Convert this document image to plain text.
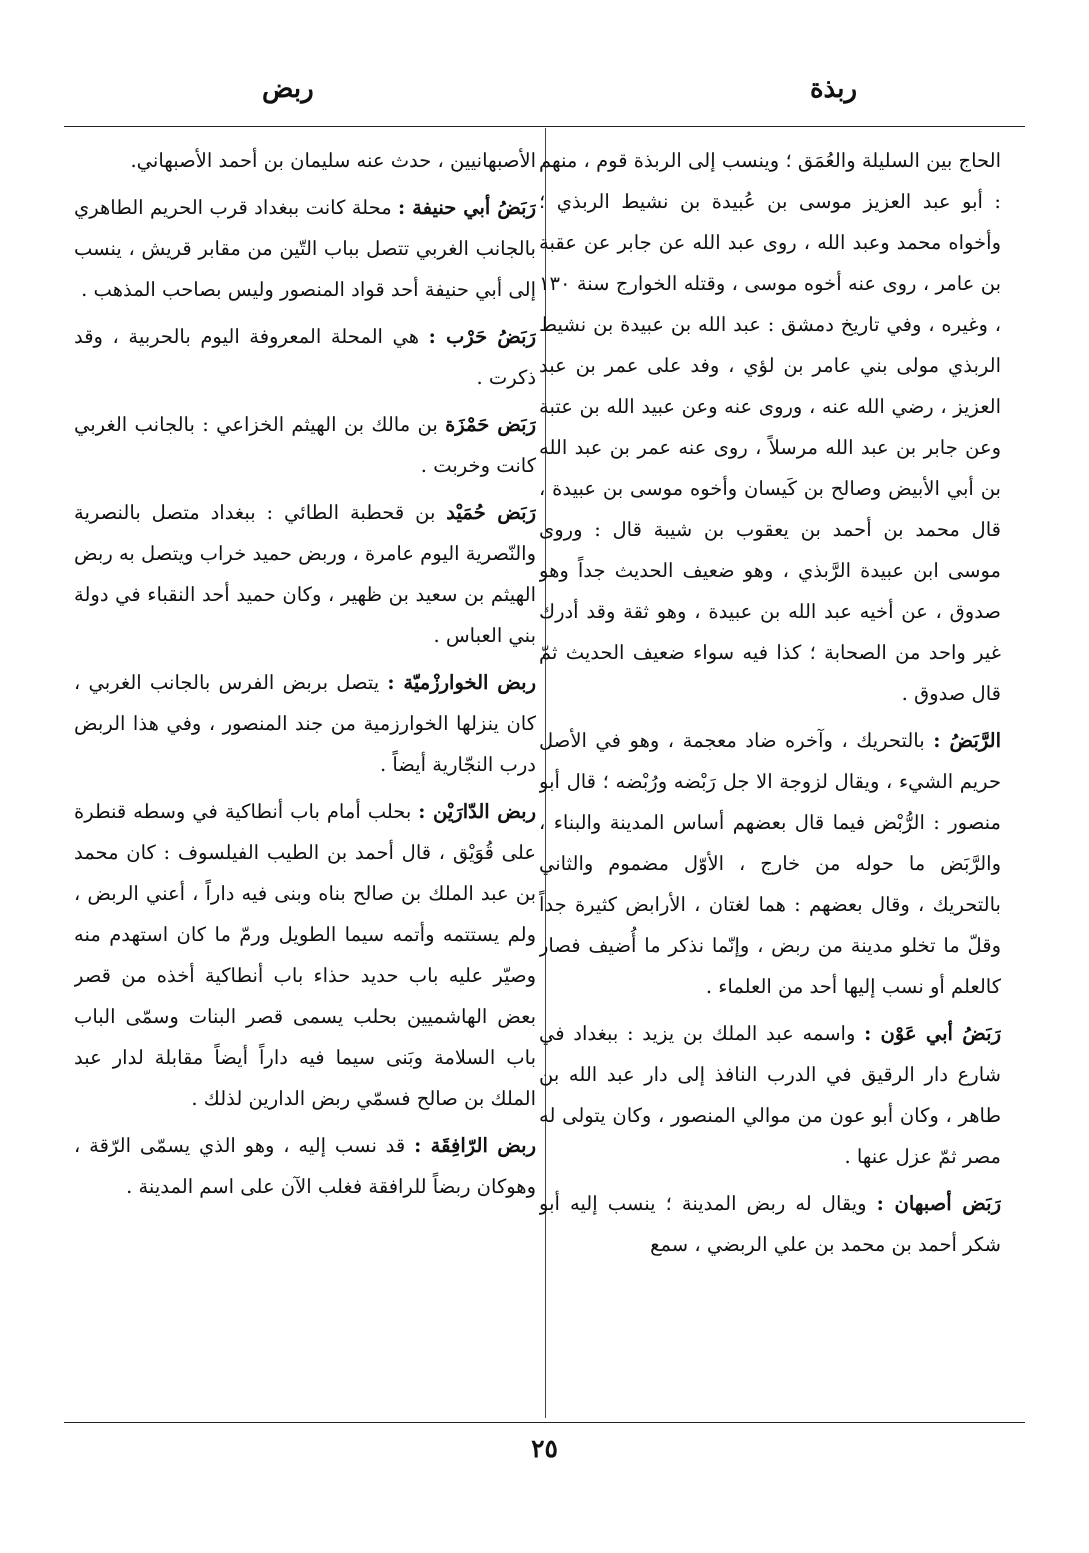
ربذة
ربض

الحاج بين السليلة والعُمَق ؛ وينسب إلى الربذة قوم ، منهم : أبو عبد العزيز موسى بن عُبيدة بن نشيط الربذي ؛ وأخواه محمد وعبد الله ، روى عبد الله عن جابر عن عقبة بن عامر ، روى عنه أخوه موسى ، وقتله الخوارج سنة ١٣٠ ، وغيره ، وفي تاريخ دمشق : عبد الله بن عبيدة بن نشيط الربذي مولى بني عامر بن لؤي ، وفد على عمر بن عبد العزيز ، رضي الله عنه ، وروى عنه وعن عبيد الله بن عتبة وعن جابر بن عبد الله مرسلاً ، روى عنه عمر بن عبد الله بن أبي الأبيض وصالح بن كَيسان وأخوه موسى بن عبيدة ، قال محمد بن أحمد بن يعقوب بن شيبة قال : وروى موسى ابن عبيدة الرَّبذي ، وهو ضعيف الحديث جداً وهو صدوق ، عن أخيه عبد الله بن عبيدة ، وهو ثقة وقد أدرك غير واحد من الصحابة ؛ كذا فيه سواء ضعيف الحديث ثمّ قال صدوق .

الرَّبَضُ : بالتحريك ، وآخره ضاد معجمة ، وهو في الأصل حريم الشيء ، ويقال لزوجة الا جل رَبْضه ورُبْضه ؛ قال أبو منصور : الرُّبْض فيما قال بعضهم أساس المدينة والبناء ، والرَّبَض ما حوله من خارج ، الأوّل مضموم والثاني بالتحريك ، وقال بعضهم : هما لغتان ، الأرابض كثيرة جداً وقلّ ما تخلو مدينة من ربض ، وإنّما نذكر ما أُضيف فصار كالعلم أو نسب إليها أحد من العلماء .

رَبَضُ أبي عَوْن : واسمه عبد الملك بن يزيد : ببغداد في شارع دار الرقيق في الدرب النافذ إلى دار عبد الله بن طاهر ، وكان أبو عون من موالي المنصور ، وكان يتولى له مصر ثمّ عزل عنها .

رَبَض أصبهان : ويقال له ربض المدينة ؛ ينسب إليه أبو شكر أحمد بن محمد بن علي الربضي ، سمع

الأصبهانيين ، حدث عنه سليمان بن أحمد الأصبهاني.

رَبَضُ أبي حنيفة : محلة كانت ببغداد قرب الحريم الطاهري بالجانب الغربي تتصل بباب التّين من مقابر قريش ، ينسب إلى أبي حنيفة أحد قواد المنصور وليس بصاحب المذهب .

رَبَضُ حَرْب : هي المحلة المعروفة اليوم بالحربية ، وقد ذكرت .

رَبَض حَمْزَة بن مالك بن الهيثم الخزاعي : بالجانب الغربي كانت وخربت .

رَبَض حُمَيْد بن قحطبة الطائي : ببغداد متصل بالنصرية والنّصرية اليوم عامرة ، وربض حميد خراب ويتصل به ربض الهيثم بن سعيد بن ظهير ، وكان حميد أحد النقباء في دولة بني العباس .

ربض الخوارزْميّة : يتصل بربض الفرس بالجانب الغربي ، كان ينزلها الخوارزمية من جند المنصور ، وفي هذا الربض درب النجّارية أيضاً .

ربض الدّارَيْن : بحلب أمام باب أنطاكية في وسطه قنطرة على قُوَيْق ، قال أحمد بن الطيب الفيلسوف : كان محمد بن عبد الملك بن صالح بناه وبنى فيه داراً ، أعني الربض ، ولم يستتمه وأتمه سيما الطويل ورمّ ما كان استهدم منه وصيّر عليه باب حديد حذاء باب أنطاكية أخذه من قصر بعض الهاشميين بحلب يسمى قصر البنات وسمّى الباب باب السلامة وبَنى سيما فيه داراً أيضاً مقابلة لدار عبد الملك بن صالح فسمّي ربض الدارين لذلك .

ربض الرّافِقَة : قد نسب إليه ، وهو الذي يسمّى الرّقة ، وهوكان ربضاً للرافقة فغلب الآن على اسم المدينة .

٢٥
